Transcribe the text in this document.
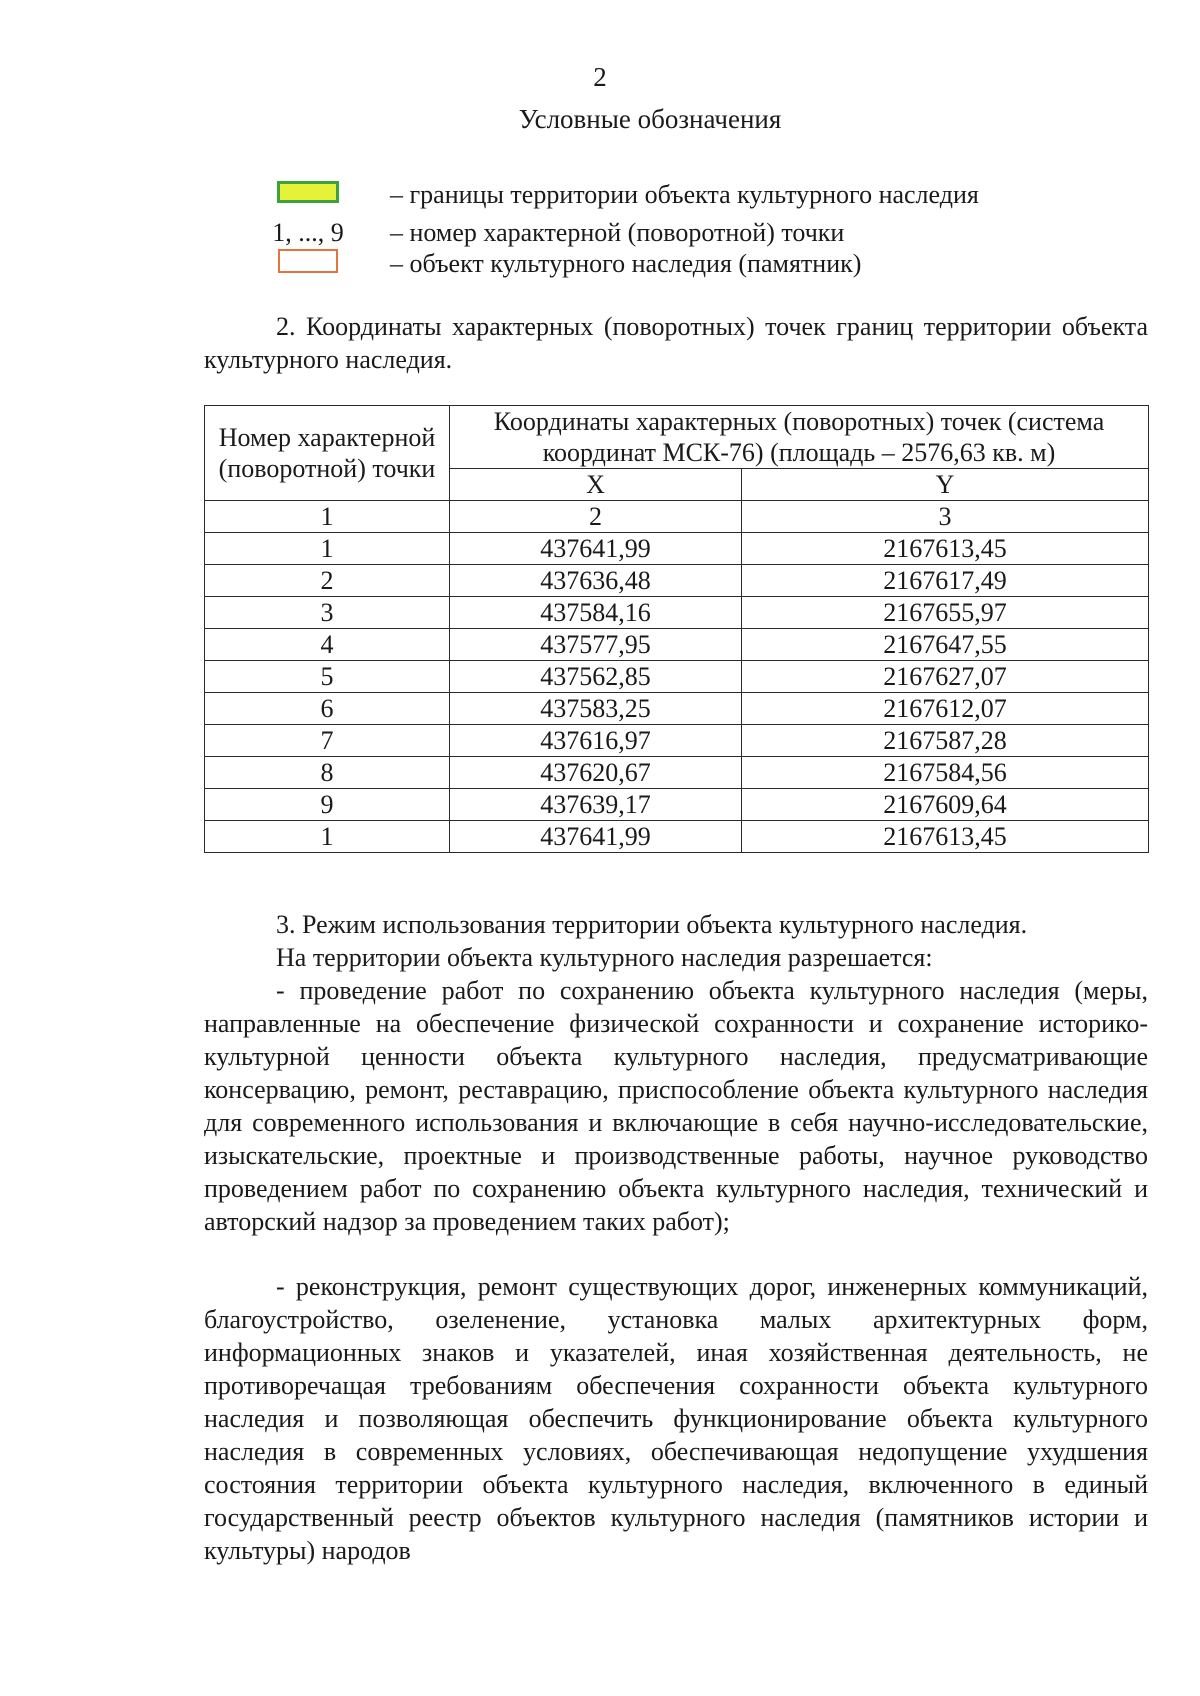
2
Условные обозначения
– границы территории объекта культурного наследия
1, ..., 9 – номер характерной (поворотной) точки
– объект культурного наследия (памятник)

2. Координаты характерных (поворотных) точек границ территории объекта культурного наследия.

Номер характерной (поворотной) точки	Координаты характерных (поворотных) точек (система координат МСК-76) (площадь – 2576,63 кв. м)	
	X	Y
1	2	3
1	437641,99	2167613,45
2	437636,48	2167617,49
3	437584,16	2167655,97
4	437577,95	2167647,55
5	437562,85	2167627,07
6	437583,25	2167612,07
7	437616,97	2167587,28
8	437620,67	2167584,56
9	437639,17	2167609,64
1	437641,99	2167613,45

3. Режим использования территории объекта культурного наследия.

На территории объекта культурного наследия разрешается:

- проведение работ по сохранению объекта культурного наследия (меры, направленные на обеспечение физической сохранности и сохранение историко-культурной ценности объекта культурного наследия, предусматривающие консервацию, ремонт, реставрацию, приспособление объекта культурного наследия для современного использования и включающие в себя научно-исследовательские, изыскательские, проектные и производственные работы, научное руководство проведением работ по сохранению объекта культурного наследия, технический и авторский надзор за проведением таких работ);

- реконструкция, ремонт существующих дорог, инженерных коммуникаций, благоустройство, озеленение, установка малых архитектурных форм, информационных знаков и указателей, иная хозяйственная деятельность, не противоречащая требованиям обеспечения сохранности объекта культурного наследия и позволяющая обеспечить функционирование объекта культурного наследия в современных условиях, обеспечивающая недопущение ухудшения состояния территории объекта культурного наследия, включенного в единый государственный реестр объектов культурного наследия (памятников истории и культуры) народов
